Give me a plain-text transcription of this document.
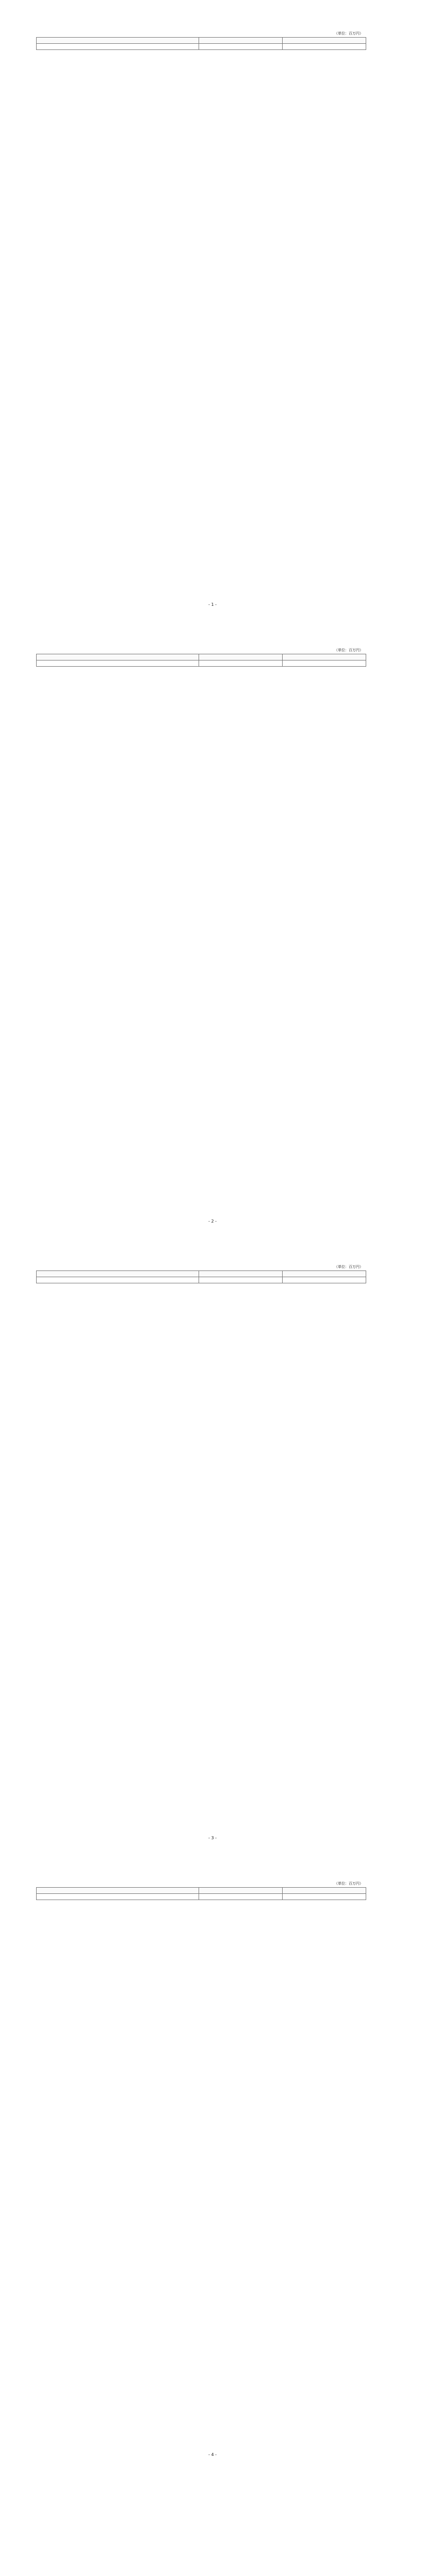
（単位：百万円）

- 1 -
（単位：百万円）

- 2 -
（単位：百万円）

- 3 -
（単位：百万円）

- 4 -
